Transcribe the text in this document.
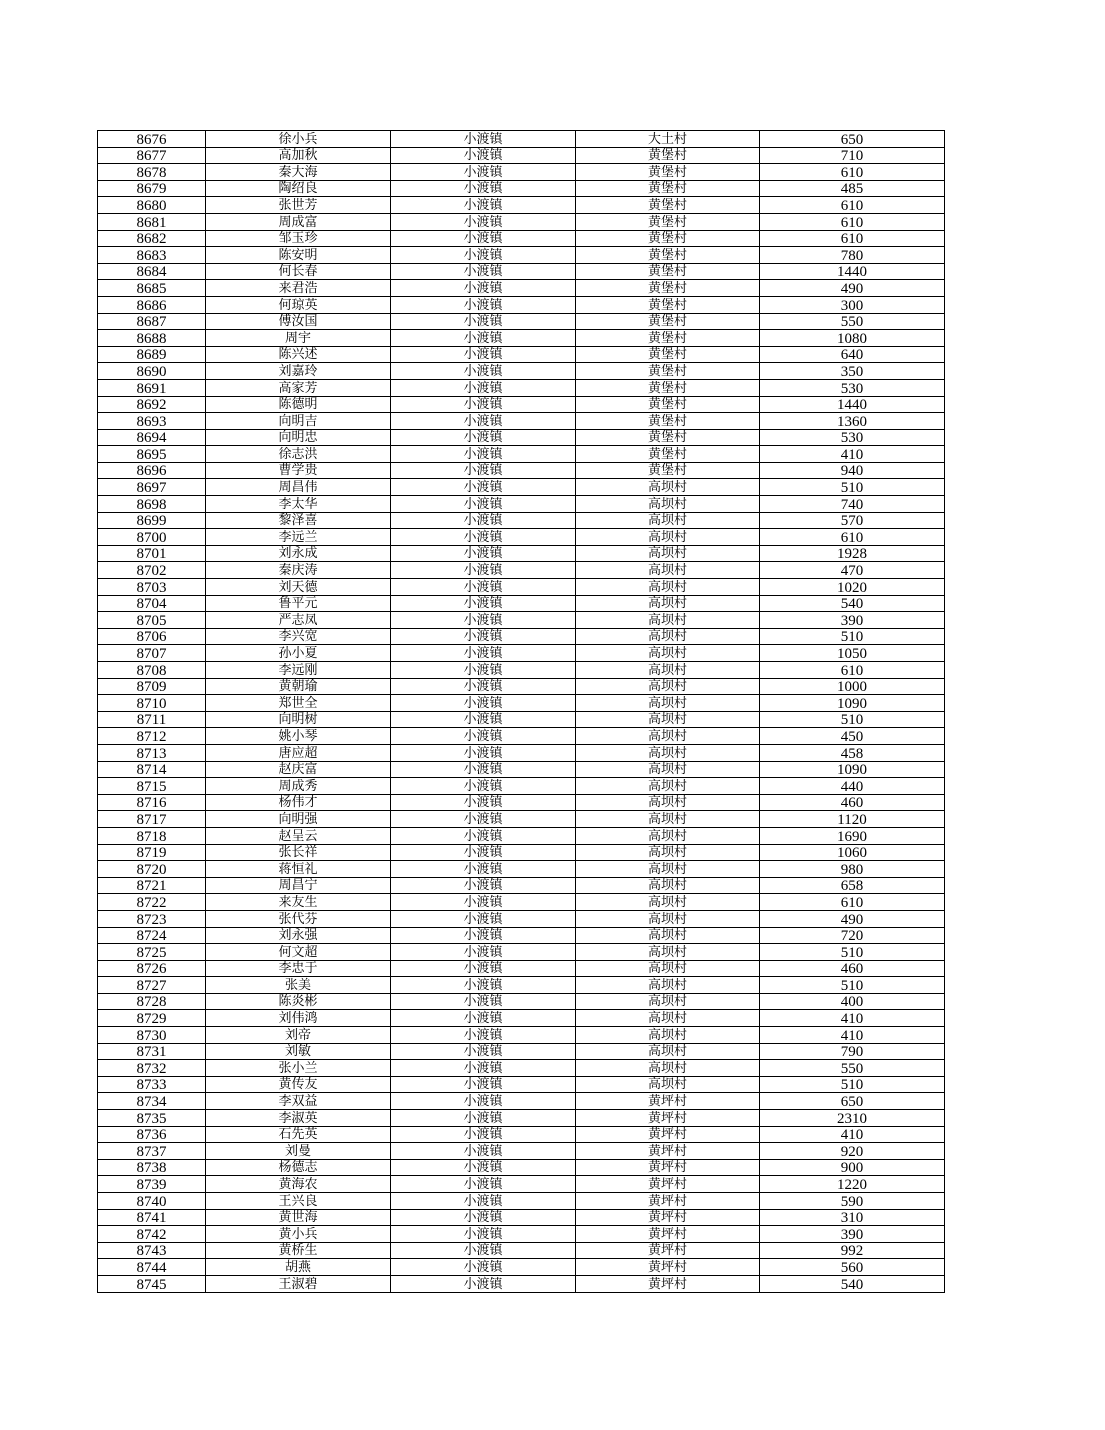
8676	徐小兵	小渡镇	大土村	650
8677	高加秋	小渡镇	黄堡村	710
8678	秦大海	小渡镇	黄堡村	610
8679	陶绍良	小渡镇	黄堡村	485
8680	张世芳	小渡镇	黄堡村	610
8681	周成富	小渡镇	黄堡村	610
8682	邹玉珍	小渡镇	黄堡村	610
8683	陈安明	小渡镇	黄堡村	780
8684	何长春	小渡镇	黄堡村	1440
8685	来君浩	小渡镇	黄堡村	490
8686	何琼英	小渡镇	黄堡村	300
8687	傅汝国	小渡镇	黄堡村	550
8688	周宇	小渡镇	黄堡村	1080
8689	陈兴述	小渡镇	黄堡村	640
8690	刘嘉玲	小渡镇	黄堡村	350
8691	高家芳	小渡镇	黄堡村	530
8692	陈德明	小渡镇	黄堡村	1440
8693	向明吉	小渡镇	黄堡村	1360
8694	向明忠	小渡镇	黄堡村	530
8695	徐志洪	小渡镇	黄堡村	410
8696	曹学贵	小渡镇	黄堡村	940
8697	周昌伟	小渡镇	高坝村	510
8698	李太华	小渡镇	高坝村	740
8699	黎泽喜	小渡镇	高坝村	570
8700	李远兰	小渡镇	高坝村	610
8701	刘永成	小渡镇	高坝村	1928
8702	秦庆涛	小渡镇	高坝村	470
8703	刘天德	小渡镇	高坝村	1020
8704	鲁平元	小渡镇	高坝村	540
8705	严志凤	小渡镇	高坝村	390
8706	李兴宽	小渡镇	高坝村	510
8707	孙小夏	小渡镇	高坝村	1050
8708	李远刚	小渡镇	高坝村	610
8709	黄朝瑜	小渡镇	高坝村	1000
8710	郑世全	小渡镇	高坝村	1090
8711	向明树	小渡镇	高坝村	510
8712	姚小琴	小渡镇	高坝村	450
8713	唐应超	小渡镇	高坝村	458
8714	赵庆富	小渡镇	高坝村	1090
8715	周成秀	小渡镇	高坝村	440
8716	杨伟才	小渡镇	高坝村	460
8717	向明强	小渡镇	高坝村	1120
8718	赵呈云	小渡镇	高坝村	1690
8719	张长祥	小渡镇	高坝村	1060
8720	蒋恒礼	小渡镇	高坝村	980
8721	周昌宁	小渡镇	高坝村	658
8722	来友生	小渡镇	高坝村	610
8723	张代芬	小渡镇	高坝村	490
8724	刘永强	小渡镇	高坝村	720
8725	何文超	小渡镇	高坝村	510
8726	李忠于	小渡镇	高坝村	460
8727	张美	小渡镇	高坝村	510
8728	陈炎彬	小渡镇	高坝村	400
8729	刘伟鸿	小渡镇	高坝村	410
8730	刘帝	小渡镇	高坝村	410
8731	刘敏	小渡镇	高坝村	790
8732	张小兰	小渡镇	高坝村	550
8733	黄传友	小渡镇	高坝村	510
8734	李双益	小渡镇	黄坪村	650
8735	李淑英	小渡镇	黄坪村	2310
8736	石先英	小渡镇	黄坪村	410
8737	刘曼	小渡镇	黄坪村	920
8738	杨德志	小渡镇	黄坪村	900
8739	黄海农	小渡镇	黄坪村	1220
8740	王兴良	小渡镇	黄坪村	590
8741	黄世海	小渡镇	黄坪村	310
8742	黄小兵	小渡镇	黄坪村	390
8743	黄桥生	小渡镇	黄坪村	992
8744	胡燕	小渡镇	黄坪村	560
8745	王淑碧	小渡镇	黄坪村	540
